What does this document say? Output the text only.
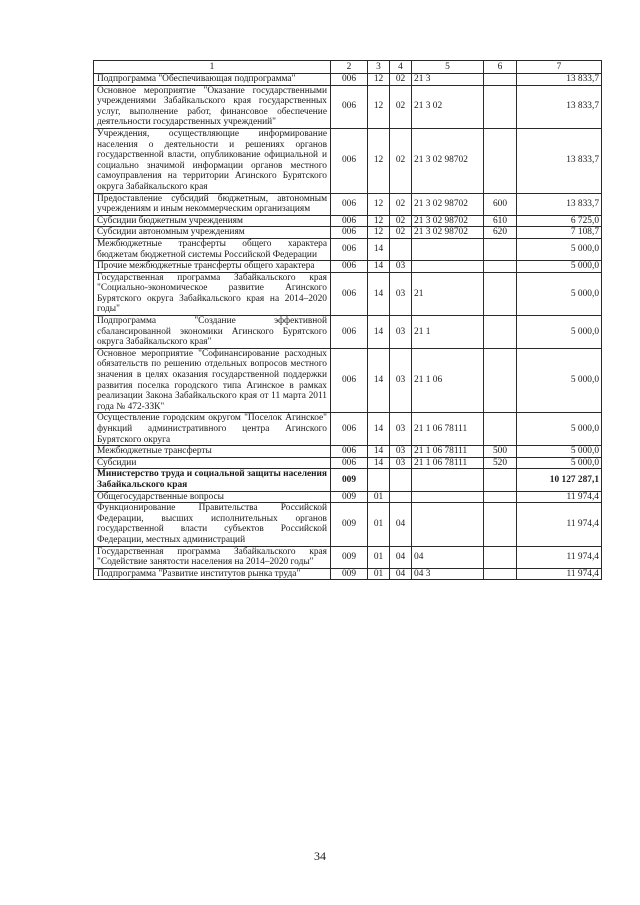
1	2	3	4	5	6	7
Подпрограмма "Обеспечивающая подпрограмма"	006	12	02	21 3		13 833,7
Основное мероприятие "Оказание государственными учреждениями Забайкальского края государственных услуг, выполнение работ, финансовое обеспечение деятельности государственных учреждений"	006	12	02	21 3 02		13 833,7
Учреждения, осуществляющие информирование населения о деятельности и решениях органов государственной власти, опубликование официальной и социально значимой информации органов местного самоуправления на территории Агинского Бурятского округа Забайкальского края	006	12	02	21 3 02 98702		13 833,7
Предоставление субсидий бюджетным, автономным учреждениям и иным некоммерческим организациям	006	12	02	21 3 02 98702	600	13 833,7
Субсидии бюджетным учреждениям	006	12	02	21 3 02 98702	610	6 725,0
Субсидии автономным учреждениям	006	12	02	21 3 02 98702	620	7 108,7
Межбюджетные трансферты общего характера бюджетам бюджетной системы Российской Федерации	006	14				5 000,0
Прочие межбюджетные трансферты общего характера	006	14	03			5 000,0
Государственная программа Забайкальского края "Социально-экономическое развитие Агинского Бурятского округа Забайкальского края на 2014–2020 годы"	006	14	03	21		5 000,0
Подпрограмма "Создание эффективной сбалансированной экономики Агинского Бурятского округа Забайкальского края"	006	14	03	21 1		5 000,0
Основное мероприятие "Софинансирование расходных обязательств по решению отдельных вопросов местного значения в целях оказания государственной поддержки развития поселка городского типа Агинское в рамках реализации Закона Забайкальского края от 11 марта 2011 года № 472-ЗЗК"	006	14	03	21 1 06		5 000,0
Осуществление городским округом "Поселок Агинское" функций административного центра Агинского Бурятского округа	006	14	03	21 1 06 78111		5 000,0
Межбюджетные трансферты	006	14	03	21 1 06 78111	500	5 000,0
Субсидии	006	14	03	21 1 06 78111	520	5 000,0
Министерство труда и социальной защиты населения Забайкальского края	009					10 127 287,1
Общегосударственные вопросы	009	01				11 974,4
Функционирование Правительства Российской Федерации, высших исполнительных органов государственной власти субъектов Российской Федерации, местных администраций	009	01	04			11 974,4
Государственная программа Забайкальского края "Содействие занятости населения на 2014–2020 годы"	009	01	04	04		11 974,4
Подпрограмма "Развитие институтов рынка труда"	009	01	04	04 3		11 974,4
34
